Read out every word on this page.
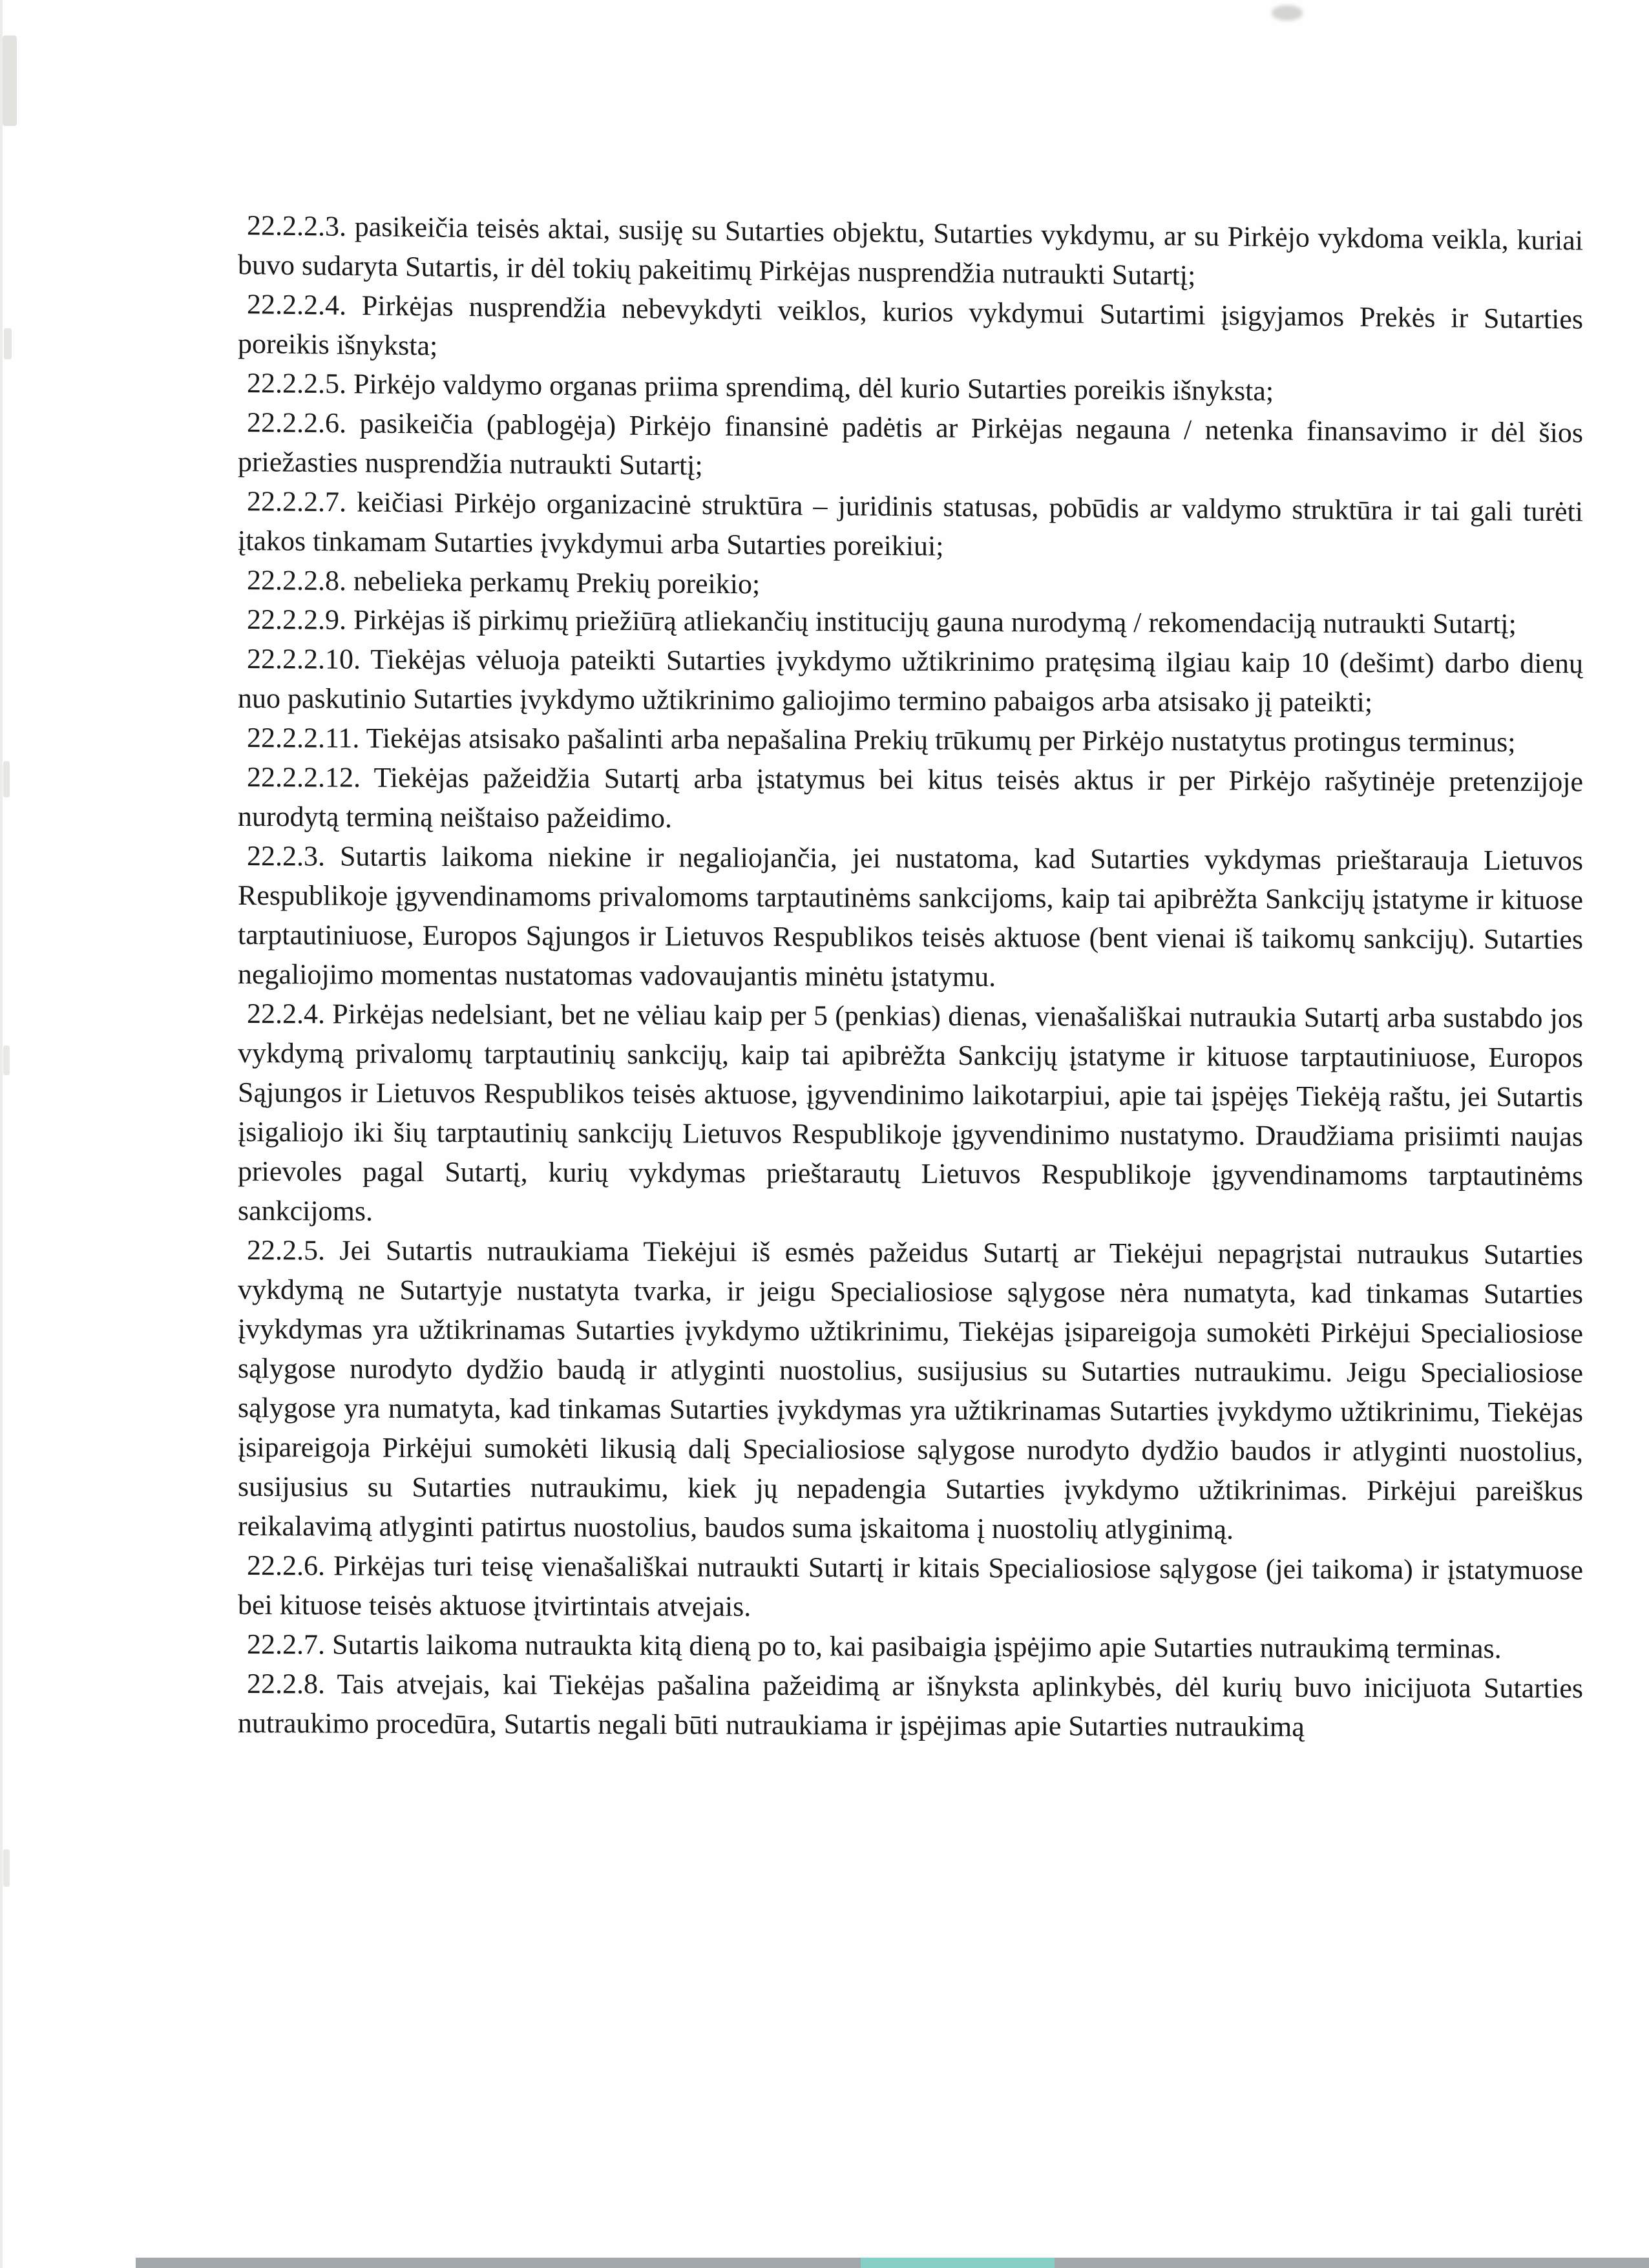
22.2.2.3. pasikeičia teisės aktai, susiję su Sutarties objektu, Sutarties vykdymu, ar su Pirkėjo vykdoma veikla, kuriai buvo sudaryta Sutartis, ir dėl tokių pakeitimų Pirkėjas nusprendžia nutraukti Sutartį;

22.2.2.4. Pirkėjas nusprendžia nebevykdyti veiklos, kurios vykdymui Sutartimi įsigyjamos Prekės ir Sutarties poreikis išnyksta;

22.2.2.5. Pirkėjo valdymo organas priima sprendimą, dėl kurio Sutarties poreikis išnyksta;

22.2.2.6. pasikeičia (pablogėja) Pirkėjo finansinė padėtis ar Pirkėjas negauna / netenka finansavimo ir dėl šios priežasties nusprendžia nutraukti Sutartį;

22.2.2.7. keičiasi Pirkėjo organizacinė struktūra – juridinis statusas, pobūdis ar valdymo struktūra ir tai gali turėti įtakos tinkamam Sutarties įvykdymui arba Sutarties poreikiui;

22.2.2.8. nebelieka perkamų Prekių poreikio;

22.2.2.9. Pirkėjas iš pirkimų priežiūrą atliekančių institucijų gauna nurodymą / rekomendaciją nutraukti Sutartį;

22.2.2.10. Tiekėjas vėluoja pateikti Sutarties įvykdymo užtikrinimo pratęsimą ilgiau kaip 10 (dešimt) darbo dienų nuo paskutinio Sutarties įvykdymo užtikrinimo galiojimo termino pabaigos arba atsisako jį pateikti;

22.2.2.11. Tiekėjas atsisako pašalinti arba nepašalina Prekių trūkumų per Pirkėjo nustatytus protingus terminus;

22.2.2.12. Tiekėjas pažeidžia Sutartį arba įstatymus bei kitus teisės aktus ir per Pirkėjo rašytinėje pretenzijoje nurodytą terminą neištaiso pažeidimo.

22.2.3. Sutartis laikoma niekine ir negaliojančia, jei nustatoma, kad Sutarties vykdymas prieštarauja Lietuvos Respublikoje įgyvendinamoms privalomoms tarptautinėms sankcijoms, kaip tai apibrėžta Sankcijų įstatyme ir kituose tarptautiniuose, Europos Sąjungos ir Lietuvos Respublikos teisės aktuose (bent vienai iš taikomų sankcijų). Sutarties negaliojimo momentas nustatomas vadovaujantis minėtu įstatymu.

22.2.4. Pirkėjas nedelsiant, bet ne vėliau kaip per 5 (penkias) dienas, vienašališkai nutraukia Sutartį arba sustabdo jos vykdymą privalomų tarptautinių sankcijų, kaip tai apibrėžta Sankcijų įstatyme ir kituose tarptautiniuose, Europos Sąjungos ir Lietuvos Respublikos teisės aktuose, įgyvendinimo laikotarpiui, apie tai įspėjęs Tiekėją raštu, jei Sutartis įsigaliojo iki šių tarptautinių sankcijų Lietuvos Respublikoje įgyvendinimo nustatymo. Draudžiama prisiimti naujas prievoles pagal Sutartį, kurių vykdymas prieštarautų Lietuvos Respublikoje įgyvendinamoms tarptautinėms sankcijoms.

22.2.5. Jei Sutartis nutraukiama Tiekėjui iš esmės pažeidus Sutartį ar Tiekėjui nepagrįstai nutraukus Sutarties vykdymą ne Sutartyje nustatyta tvarka, ir jeigu Specialiosiose sąlygose nėra numatyta, kad tinkamas Sutarties įvykdymas yra užtikrinamas Sutarties įvykdymo užtikrinimu, Tiekėjas įsipareigoja sumokėti Pirkėjui Specialiosiose sąlygose nurodyto dydžio baudą ir atlyginti nuostolius, susijusius su Sutarties nutraukimu. Jeigu Specialiosiose sąlygose yra numatyta, kad tinkamas Sutarties įvykdymas yra užtikrinamas Sutarties įvykdymo užtikrinimu, Tiekėjas įsipareigoja Pirkėjui sumokėti likusią dalį Specialiosiose sąlygose nurodyto dydžio baudos ir atlyginti nuostolius, susijusius su Sutarties nutraukimu, kiek jų nepadengia Sutarties įvykdymo užtikrinimas. Pirkėjui pareiškus reikalavimą atlyginti patirtus nuostolius, baudos suma įskaitoma į nuostolių atlyginimą.

22.2.6. Pirkėjas turi teisę vienašališkai nutraukti Sutartį ir kitais Specialiosiose sąlygose (jei taikoma) ir įstatymuose bei kituose teisės aktuose įtvirtintais atvejais.

22.2.7. Sutartis laikoma nutraukta kitą dieną po to, kai pasibaigia įspėjimo apie Sutarties nutraukimą terminas.

22.2.8. Tais atvejais, kai Tiekėjas pašalina pažeidimą ar išnyksta aplinkybės, dėl kurių buvo inicijuota Sutarties nutraukimo procedūra, Sutartis negali būti nutraukiama ir įspėjimas apie Sutarties nutraukimą
